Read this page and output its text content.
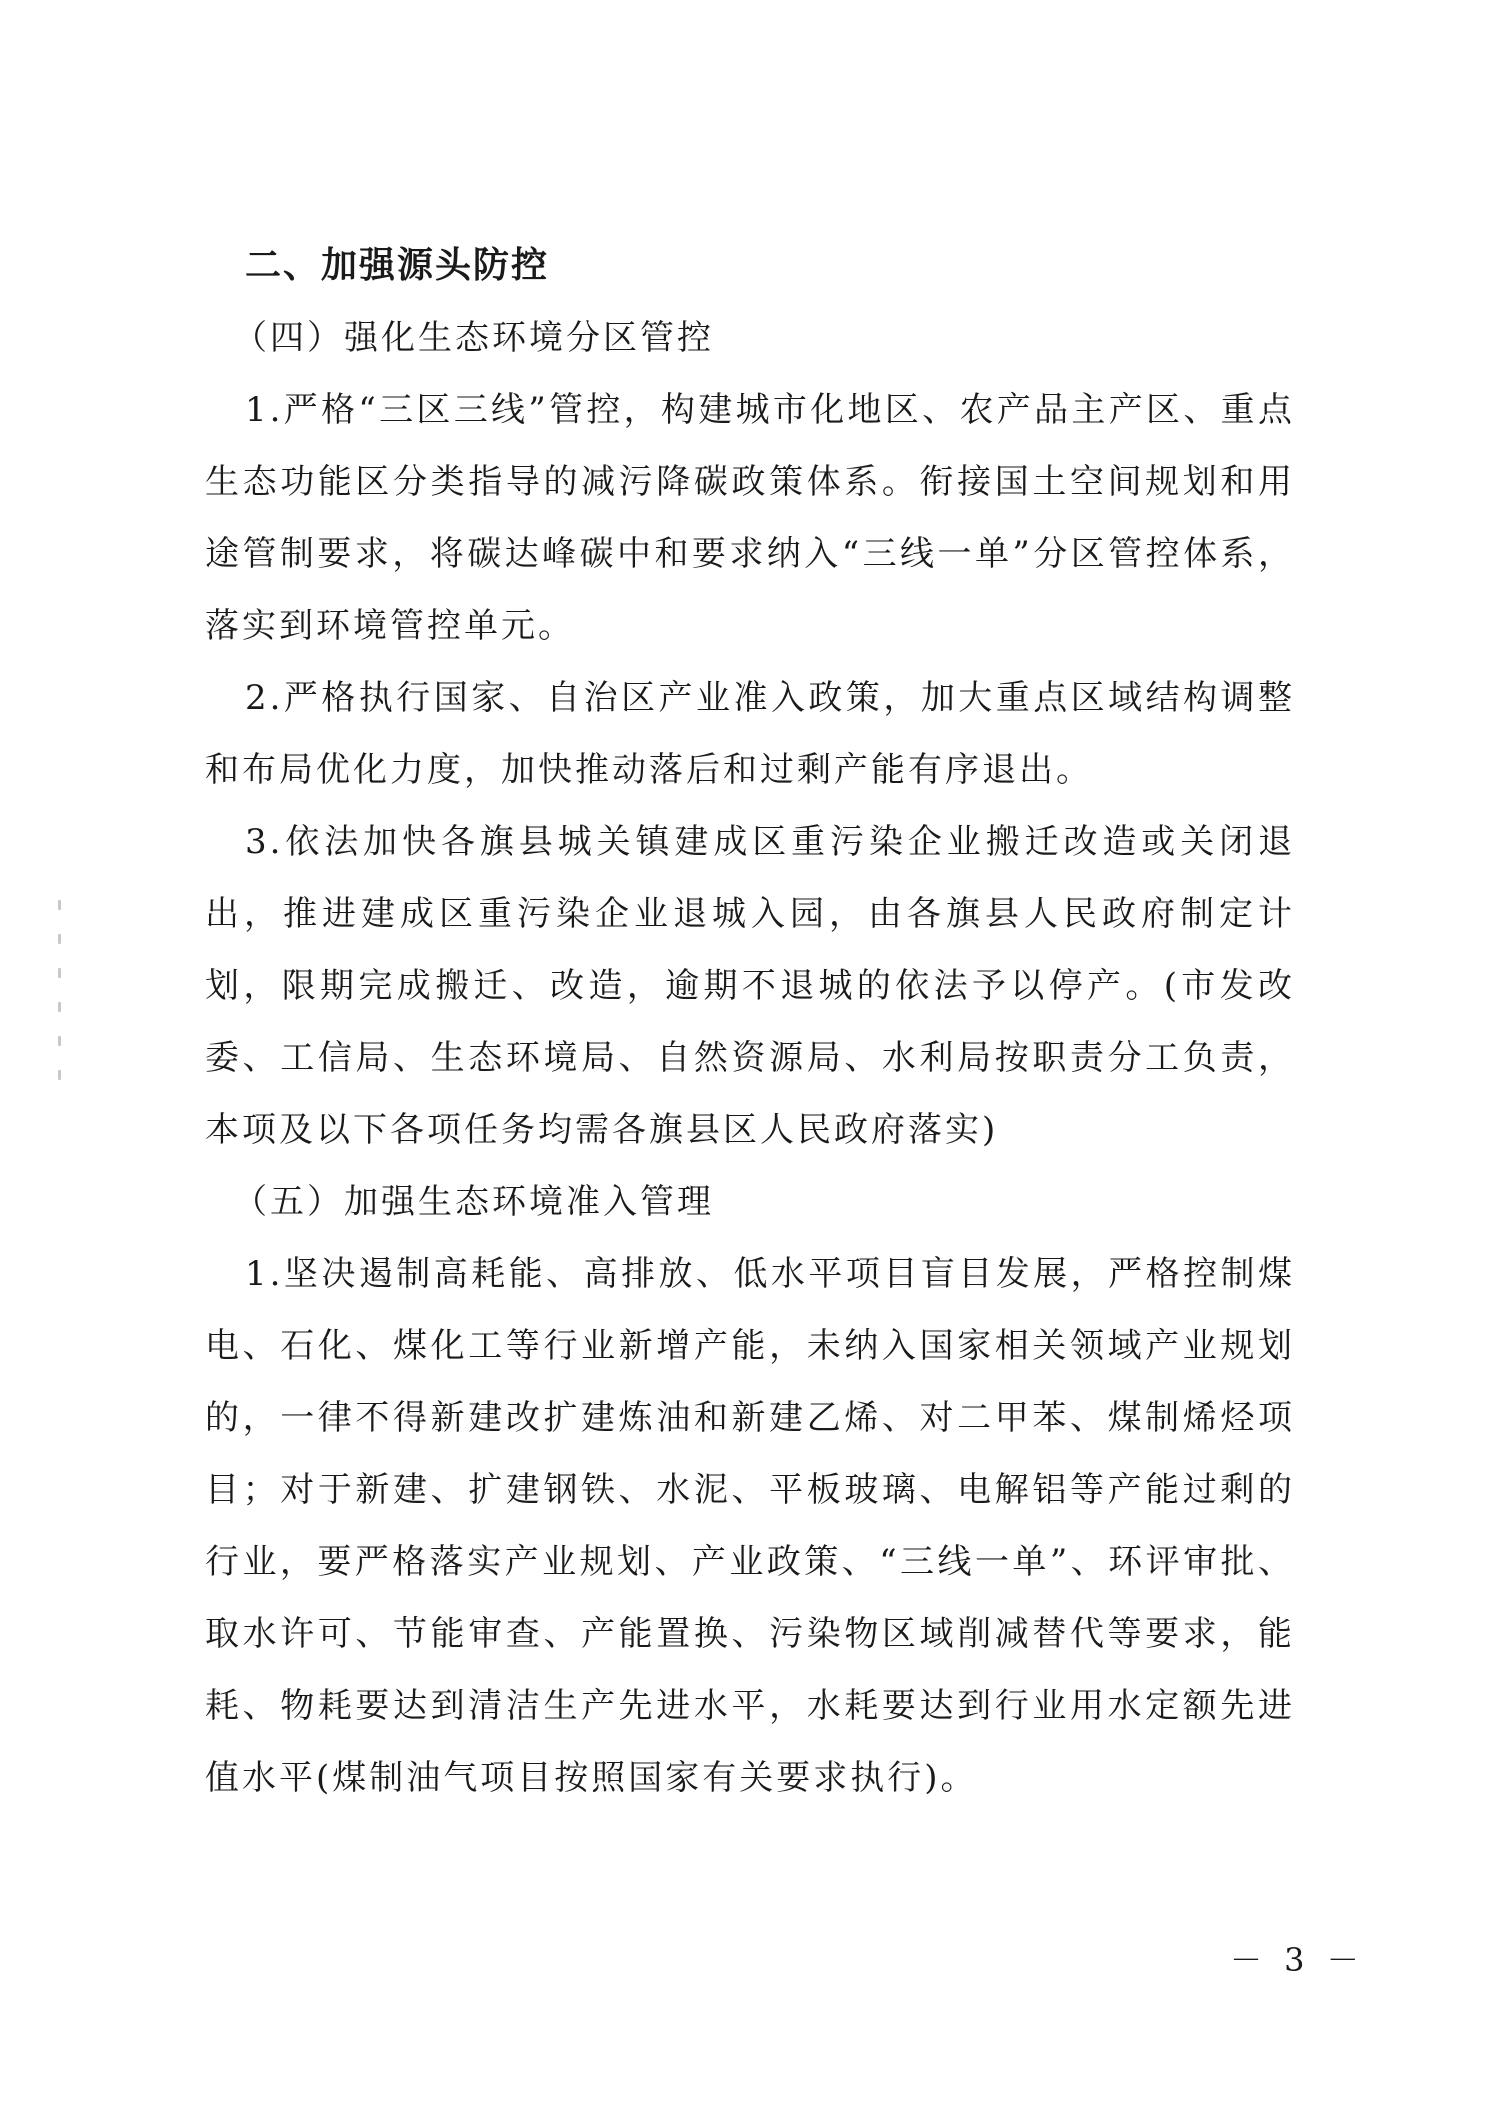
二、加强源头防控

（四）强化生态环境分区管控

1.严格“三区三线”管控，构建城市化地区、农产品主产区、重点生态功能区分类指导的减污降碳政策体系。衔接国土空间规划和用途管制要求，将碳达峰碳中和要求纳入“三线一单”分区管控体系，落实到环境管控单元。

2.严格执行国家、自治区产业准入政策，加大重点区域结构调整和布局优化力度，加快推动落后和过剩产能有序退出。

3.依法加快各旗县城关镇建成区重污染企业搬迁改造或关闭退出，推进建成区重污染企业退城入园，由各旗县人民政府制定计划，限期完成搬迁、改造，逾期不退城的依法予以停产。(市发改委、工信局、生态环境局、自然资源局、水利局按职责分工负责，本项及以下各项任务均需各旗县区人民政府落实)

（五）加强生态环境准入管理

1.坚决遏制高耗能、高排放、低水平项目盲目发展，严格控制煤电、石化、煤化工等行业新增产能，未纳入国家相关领域产业规划的，一律不得新建改扩建炼油和新建乙烯、对二甲苯、煤制烯烃项目；对于新建、扩建钢铁、水泥、平板玻璃、电解铝等产能过剩的行业，要严格落实产业规划、产业政策、“三线一单”、环评审批、取水许可、节能审查、产能置换、污染物区域削减替代等要求，能耗、物耗要达到清洁生产先进水平，水耗要达到行业用水定额先进值水平(煤制油气项目按照国家有关要求执行)。

－ 3 －
